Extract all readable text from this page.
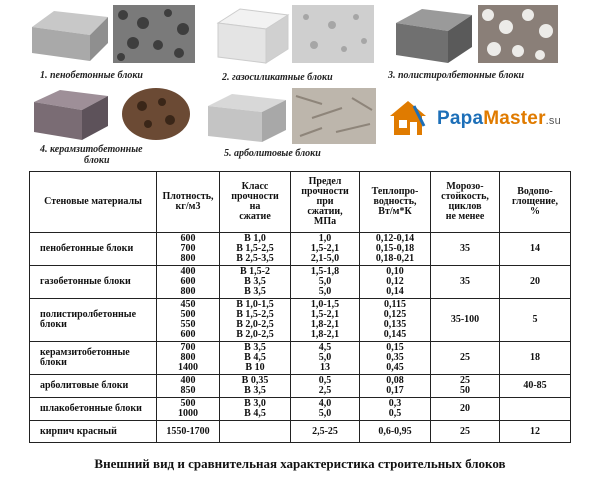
1. пенобетонные блоки	2. газосиликатные блоки	3. полистиролбетонные блоки
4. керамзитобетонные
блоки
5. арболитовые блоки
PapaMaster.su
Стеновые материалы	Плотность,
кг/м3	Класс
прочности
на
сжатие	Предел
прочности
при
сжатии,
МПа	Теплопро-
водность,
Вт/м*К	Морозо-
стойкость,
циклов
не менее	Водопо-
глощение,
%

пенобетонные блоки	600
700
800	В 1,0
В 1,5-2,5
В 2,5-3,5	1,0
1,5-2,1
2,1-5,0	0,12-0,14
0,15-0,18
0,18-0,21	35	14

газобетонные блоки	400
600
800	В 1,5-2
В 3,5
В 3,5	1,5-1,8
5,0
5,0	0,10
0,12
0,14	35	20

полистиролбетонные
блоки	450
500
550
600	В 1,0-1,5
В 1,5-2,5
В 2,0-2,5
В 2,0-2,5	1,0-1,5
1,5-2,1
1,8-2,1
1,8-2,1	0,115
0,125
0,135
0,145	35-100	5

керамзитобетонные
блоки	700
800
1400	В 3,5
В 4,5
В 10	4,5
5,0
13	0,15
0,35
0,45	25	18

арболитовые блоки	400
850	В 0,35
В 3,5	0,5
2,5	0,08
0,17	25
50	40-85

шлакобетонные блоки	500
1000	В 3,0
В 4,5	4,0
5,0	0,3
0,5	20	

кирпич красный	1550-1700		2,5-25	0,6-0,95	25	12
Внешний вид и сравнительная характеристика строительных блоков
